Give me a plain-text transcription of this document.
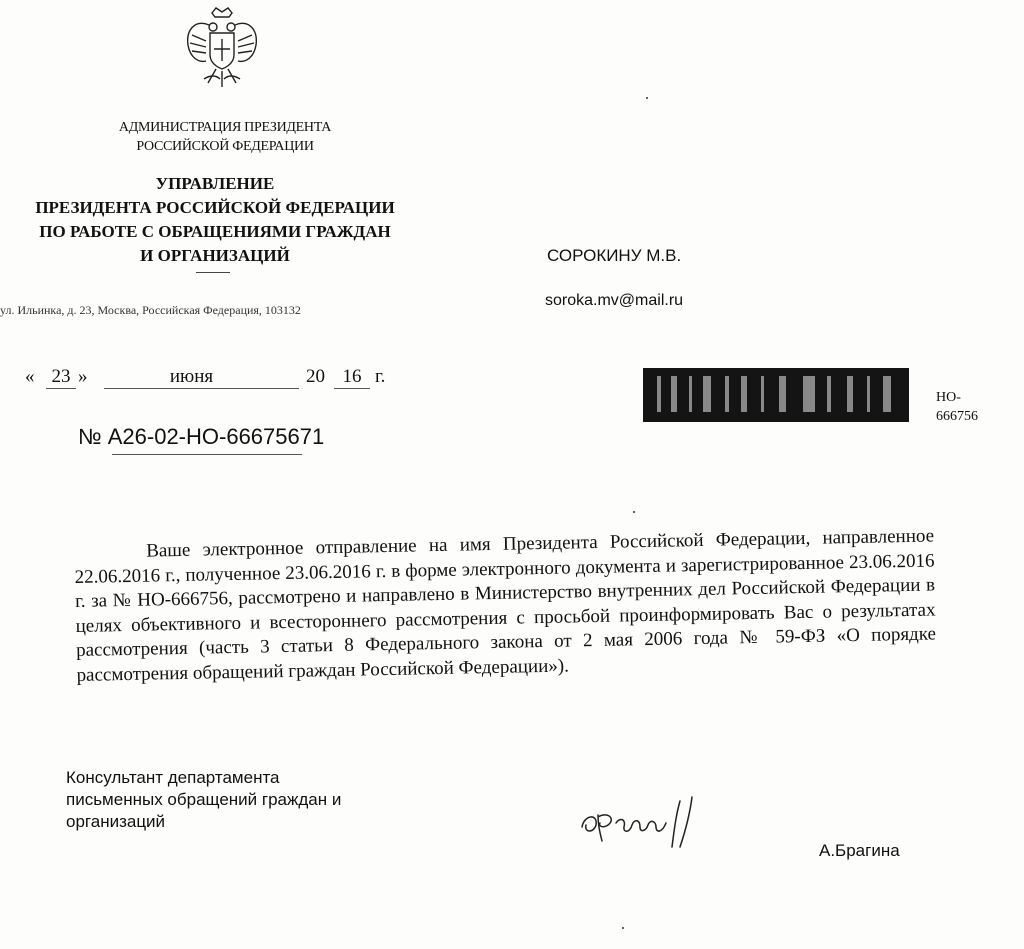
АДМИНИСТРАЦИЯ ПРЕЗИДЕНТА
РОССИЙСКОЙ ФЕДЕРАЦИИ
УПРАВЛЕНИЕ
ПРЕЗИДЕНТА РОССИЙСКОЙ ФЕДЕРАЦИИ
ПО РАБОТЕ С ОБРАЩЕНИЯМИ ГРАЖДАН
И ОРГАНИЗАЦИЙ
ул. Ильинка, д. 23, Москва, Российская Федерация, 103132
« 23 »	июня	20 16 г.
№ А26-02-НО-66675671
СОРОКИНУ М.В.
soroka.mv@mail.ru
НО-
666756

Ваше электронное отправление на имя Президента Российской Федерации, направленное 22.06.2016 г., полученное 23.06.2016 г. в форме электронного документа и зарегистрированное 23.06.2016 г. за № НО-666756, рассмотрено и направлено в Министерство внутренних дел Российской Федерации в целях объективного и всестороннего рассмотрения с просьбой проинформировать Вас о результатах рассмотрения (часть 3 статьи 8 Федерального закона от 2 мая 2006 года № 59-ФЗ «О порядке рассмотрения обращений граждан Российской Федерации»).

Консультант департамента
письменных обращений граждан и
организаций
А.Брагина
